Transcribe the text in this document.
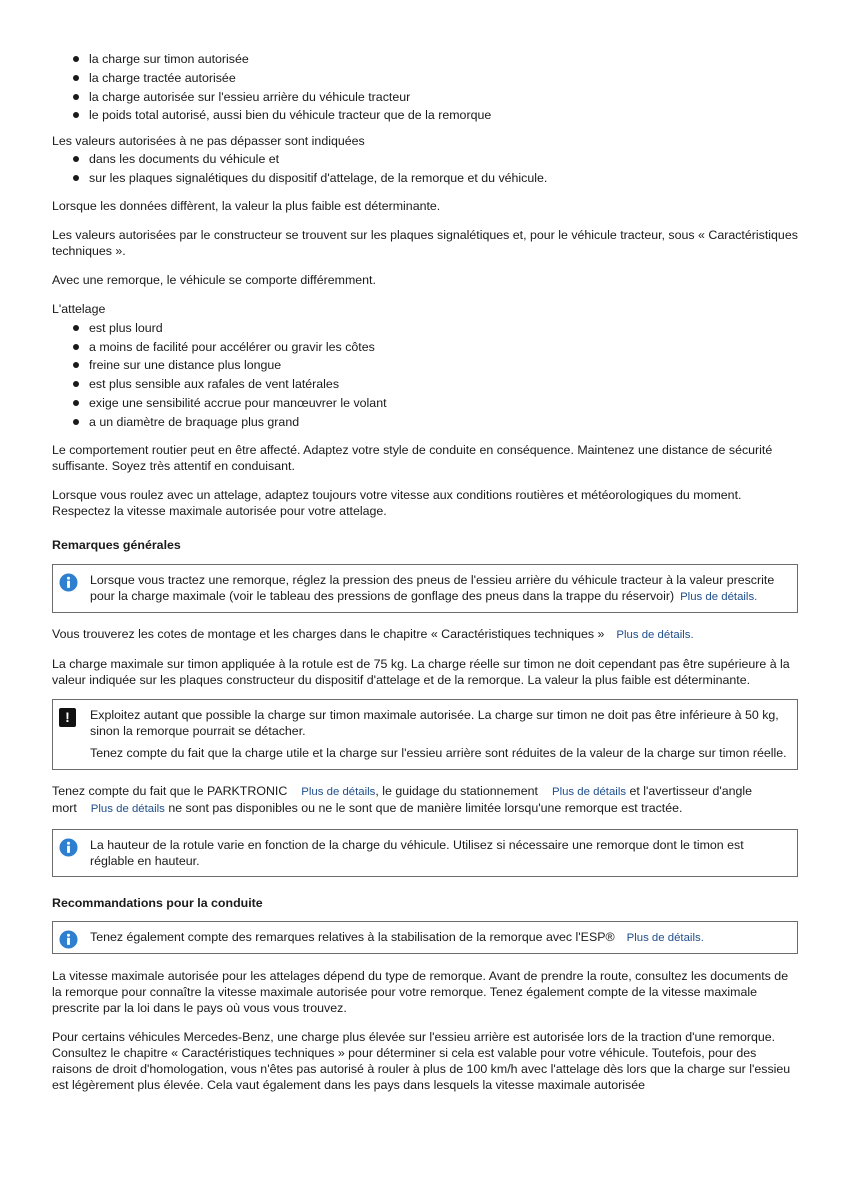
la charge sur timon autorisée
la charge tractée autorisée
la charge autorisée sur l'essieu arrière du véhicule tracteur
le poids total autorisé, aussi bien du véhicule tracteur que de la remorque

Les valeurs autorisées à ne pas dépasser sont indiquées

dans les documents du véhicule et
sur les plaques signalétiques du dispositif d'attelage, de la remorque et du véhicule.

Lorsque les données diffèrent, la valeur la plus faible est déterminante.

Les valeurs autorisées par le constructeur se trouvent sur les plaques signalétiques et, pour le véhicule tracteur, sous « Caractéristiques techniques ».

Avec une remorque, le véhicule se comporte différemment.

L'attelage

est plus lourd
a moins de facilité pour accélérer ou gravir les côtes
freine sur une distance plus longue
est plus sensible aux rafales de vent latérales
exige une sensibilité accrue pour manœuvrer le volant
a un diamètre de braquage plus grand

Le comportement routier peut en être affecté. Adaptez votre style de conduite en conséquence. Maintenez une distance de sécurité suffisante. Soyez très attentif en conduisant.

Lorsque vous roulez avec un attelage, adaptez toujours votre vitesse aux conditions routières et météorologiques du moment. Respectez la vitesse maximale autorisée pour votre attelage.

Remarques générales
Lorsque vous tractez une remorque, réglez la pression des pneus de l'essieu arrière du véhicule tracteur à la valeur prescrite pour la charge maximale (voir le tableau des pressions de gonflage des pneus dans la trappe du réservoir) Plus de détails.

Vous trouverez les cotes de montage et les charges dans le chapitre « Caractéristiques techniques » Plus de détails.

La charge maximale sur timon appliquée à la rotule est de 75 kg. La charge réelle sur timon ne doit cependant pas être supérieure à la valeur indiquée sur les plaques constructeur du dispositif d'attelage et de la remorque. La valeur la plus faible est déterminante.

!	Exploitez autant que possible la charge sur timon maximale autorisée. La charge sur timon ne doit pas être inférieure à 50 kg, sinon la remorque pourrait se détacher.
Tenez compte du fait que la charge utile et la charge sur l'essieu arrière sont réduites de la valeur de la charge sur timon réelle.

Tenez compte du fait que le PARKTRONIC Plus de détails, le guidage du stationnement Plus de détails et l'avertisseur d'angle mort Plus de détails ne sont pas disponibles ou ne le sont que de manière limitée lorsqu'une remorque est tractée.

La hauteur de la rotule varie en fonction de la charge du véhicule. Utilisez si nécessaire une remorque dont le timon est réglable en hauteur.
Recommandations pour la conduite
Tenez également compte des remarques relatives à la stabilisation de la remorque avec l'ESP® Plus de détails.

La vitesse maximale autorisée pour les attelages dépend du type de remorque. Avant de prendre la route, consultez les documents de la remorque pour connaître la vitesse maximale autorisée pour votre remorque. Tenez également compte de la vitesse maximale prescrite par la loi dans le pays où vous vous trouvez.

Pour certains véhicules Mercedes-Benz, une charge plus élevée sur l'essieu arrière est autorisée lors de la traction d'une remorque. Consultez le chapitre « Caractéristiques techniques » pour déterminer si cela est valable pour votre véhicule. Toutefois, pour des raisons de droit d'homologation, vous n'êtes pas autorisé à rouler à plus de 100 km/h avec l'attelage dès lors que la charge sur l'essieu est légèrement plus élevée. Cela vaut également dans les pays dans lesquels la vitesse maximale autorisée
